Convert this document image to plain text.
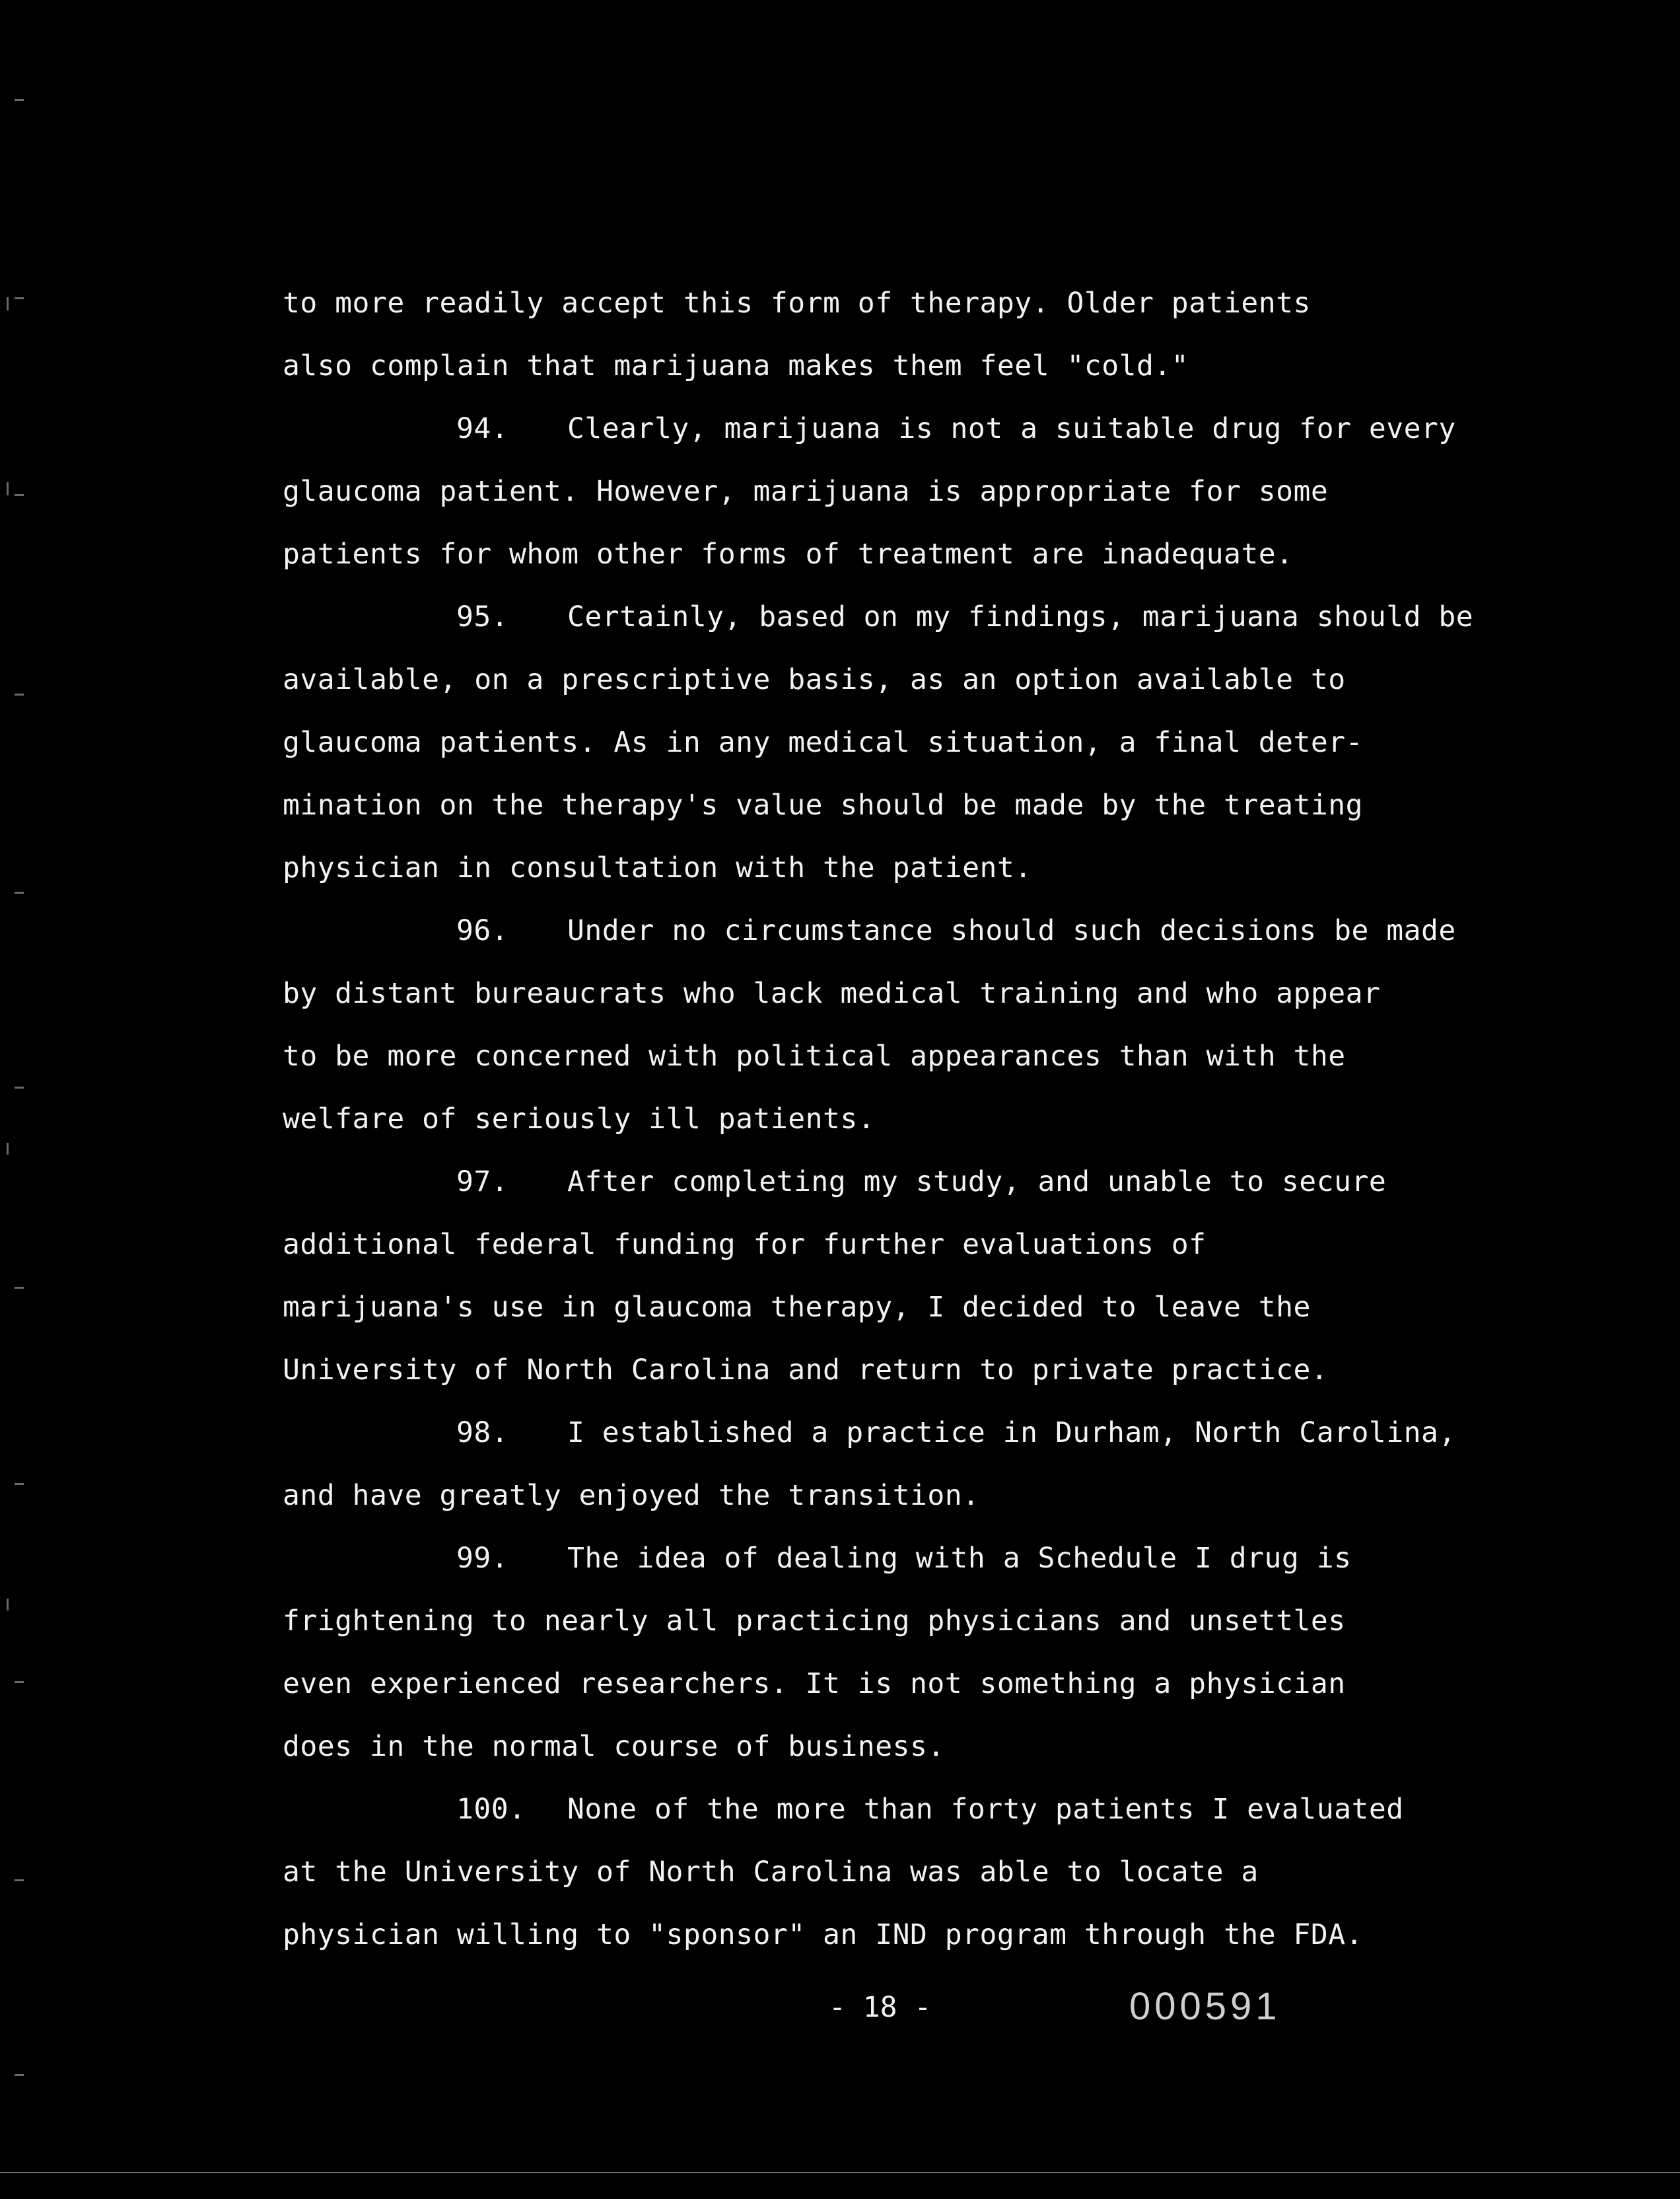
to more readily accept this form of therapy. Older patients
also complain that marijuana makes them feel "cold."
94. Clearly, marijuana is not a suitable drug for every
glaucoma patient. However, marijuana is appropriate for some
patients for whom other forms of treatment are inadequate.
95. Certainly, based on my findings, marijuana should be
available, on a prescriptive basis, as an option available to
glaucoma patients. As in any medical situation, a final deter-
mination on the therapy's value should be made by the treating
physician in consultation with the patient.
96. Under no circumstance should such decisions be made
by distant bureaucrats who lack medical training and who appear
to be more concerned with political appearances than with the
welfare of seriously ill patients.
97. After completing my study, and unable to secure
additional federal funding for further evaluations of
marijuana's use in glaucoma therapy, I decided to leave the
University of North Carolina and return to private practice.
98. I established a practice in Durham, North Carolina,
and have greatly enjoyed the transition.
99. The idea of dealing with a Schedule I drug is
frightening to nearly all practicing physicians and unsettles
even experienced researchers. It is not something a physician
does in the normal course of business.
100. None of the more than forty patients I evaluated
at the University of North Carolina was able to locate a
physician willing to "sponsor" an IND program through the FDA.
- 18 -	000591
